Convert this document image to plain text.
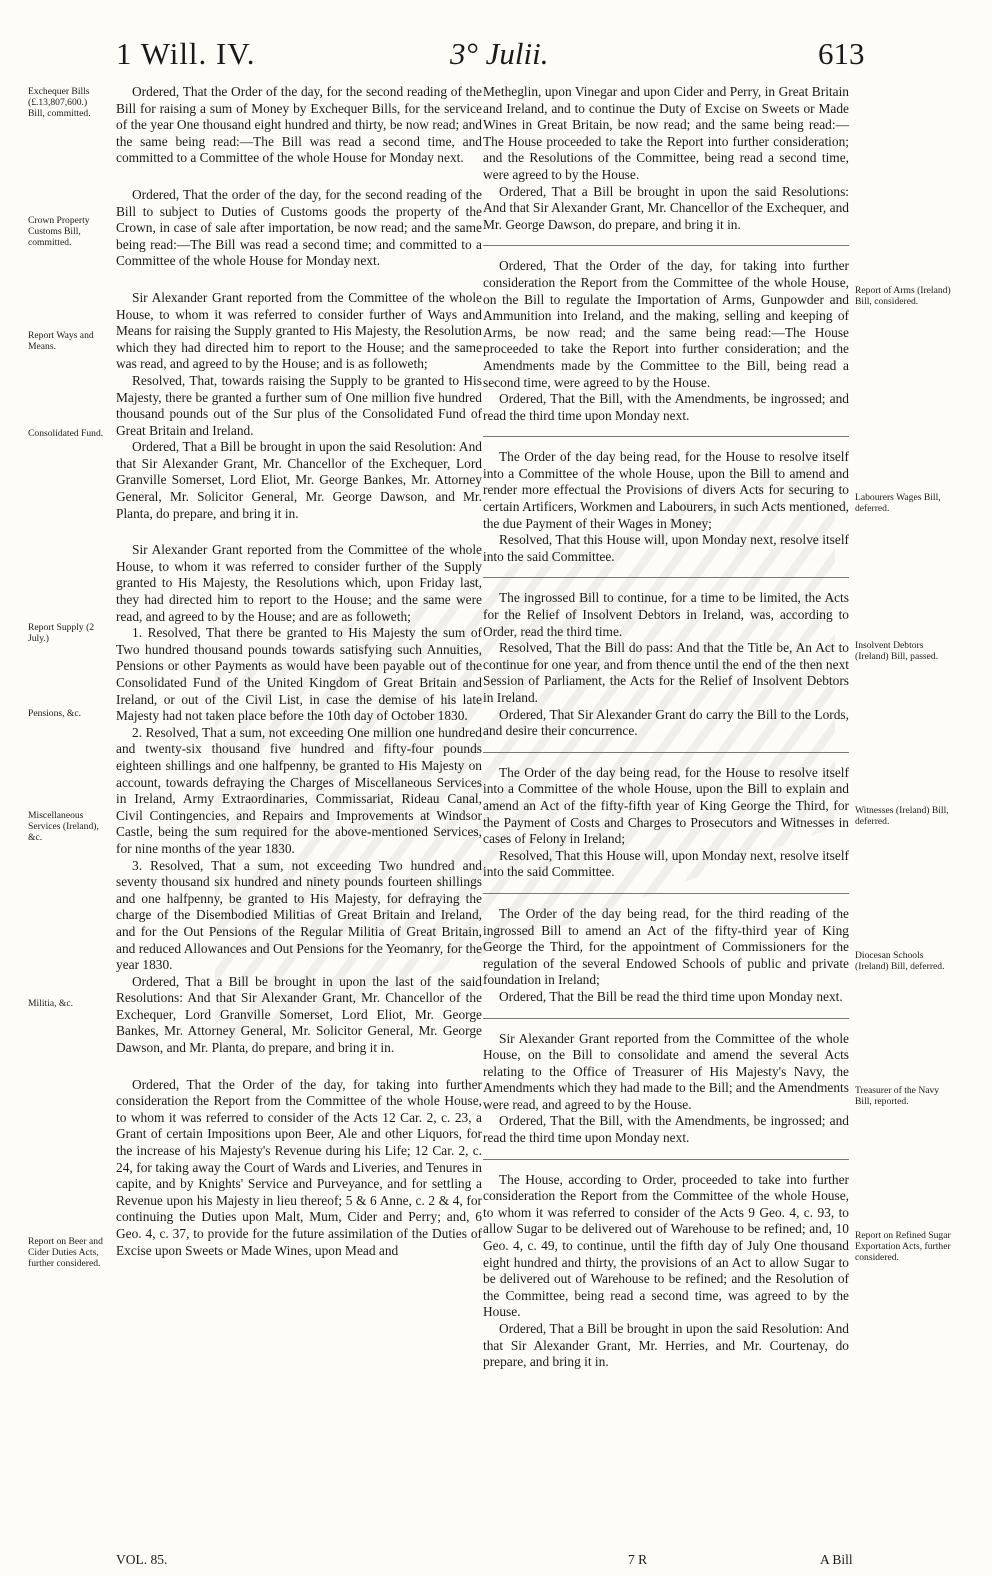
1 Will. IV.	3° Julii.	613

Ordered, That the Order of the day, for the second reading of the Bill for raising a sum of Money by Exchequer Bills, for the service of the year One thousand eight hundred and thirty, be now read; and the same being read:—The Bill was read a second time, and committed to a Committee of the whole House for Monday next.

Ordered, That the order of the day, for the second reading of the Bill to subject to Duties of Customs goods the property of the Crown, in case of sale after importation, be now read; and the same being read:—The Bill was read a second time; and committed to a Committee of the whole House for Monday next.

Sir Alexander Grant reported from the Committee of the whole House, to whom it was referred to consider further of Ways and Means for raising the Supply granted to His Majesty, the Resolution which they had directed him to report to the House; and the same was read, and agreed to by the House; and is as followeth;

Resolved, That, towards raising the Supply to be granted to His Majesty, there be granted a further sum of One million five hundred thousand pounds out of the Sur plus of the Consolidated Fund of Great Britain and Ireland.

Ordered, That a Bill be brought in upon the said Resolution: And that Sir Alexander Grant, Mr. Chancellor of the Exchequer, Lord Granville Somerset, Lord Eliot, Mr. George Bankes, Mr. Attorney General, Mr. Solicitor General, Mr. George Dawson, and Mr. Planta, do prepare, and bring it in.

Sir Alexander Grant reported from the Committee of the whole House, to whom it was referred to consider further of the Supply granted to His Majesty, the Resolutions which, upon Friday last, they had directed him to report to the House; and the same were read, and agreed to by the House; and are as followeth;

1. Resolved, That there be granted to His Majesty the sum of Two hundred thousand pounds towards satisfying such Annuities, Pensions or other Payments as would have been payable out of the Consolidated Fund of the United Kingdom of Great Britain and Ireland, or out of the Civil List, in case the demise of his late Majesty had not taken place before the 10th day of October 1830.

2. Resolved, That a sum, not exceeding One million one hundred and twenty-six thousand five hundred and fifty-four pounds eighteen shillings and one halfpenny, be granted to His Majesty on account, towards defraying the Charges of Miscellaneous Services in Ireland, Army Extraordinaries, Commissariat, Rideau Canal, Civil Contingencies, and Repairs and Improvements at Windsor Castle, being the sum required for the above-mentioned Services, for nine months of the year 1830.

3. Resolved, That a sum, not exceeding Two hundred and seventy thousand six hundred and ninety pounds fourteen shillings and one halfpenny, be granted to His Majesty, for defraying the charge of the Disembodied Militias of Great Britain and Ireland, and for the Out Pensions of the Regular Militia of Great Britain, and reduced Allowances and Out Pensions for the Yeomanry, for the year 1830.

Ordered, That a Bill be brought in upon the last of the said Resolutions: And that Sir Alexander Grant, Mr. Chancellor of the Exchequer, Lord Granville Somerset, Lord Eliot, Mr. George Bankes, Mr. Attorney General, Mr. Solicitor General, Mr. George Dawson, and Mr. Planta, do prepare, and bring it in.

Ordered, That the Order of the day, for taking into further consideration the Report from the Committee of the whole House, to whom it was referred to consider of the Acts 12 Car. 2, c. 23, a Grant of certain Impositions upon Beer, Ale and other Liquors, for the increase of his Majesty's Revenue during his Life; 12 Car. 2, c. 24, for taking away the Court of Wards and Liveries, and Tenures in capite, and by Knights' Service and Purveyance, and for settling a Revenue upon his Majesty in lieu thereof; 5 & 6 Anne, c. 2 & 4, for continuing the Duties upon Malt, Mum, Cider and Perry; and, 6 Geo. 4, c. 37, to provide for the future assimilation of the Duties of Excise upon Sweets or Made Wines, upon Mead and

Metheglin, upon Vinegar and upon Cider and Perry, in Great Britain and Ireland, and to continue the Duty of Excise on Sweets or Made Wines in Great Britain, be now read; and the same being read:—The House proceeded to take the Report into further consideration; and the Resolutions of the Committee, being read a second time, were agreed to by the House.

Ordered, That a Bill be brought in upon the said Resolutions: And that Sir Alexander Grant, Mr. Chancellor of the Exchequer, and Mr. George Dawson, do prepare, and bring it in.

Ordered, That the Order of the day, for taking into further consideration the Report from the Committee of the whole House, on the Bill to regulate the Importation of Arms, Gunpowder and Ammunition into Ireland, and the making, selling and keeping of Arms, be now read; and the same being read:—The House proceeded to take the Report into further consideration; and the Amendments made by the Committee to the Bill, being read a second time, were agreed to by the House.

Ordered, That the Bill, with the Amendments, be ingrossed; and read the third time upon Monday next.

The Order of the day being read, for the House to resolve itself into a Committee of the whole House, upon the Bill to amend and render more effectual the Provisions of divers Acts for securing to certain Artificers, Workmen and Labourers, in such Acts mentioned, the due Payment of their Wages in Money;

Resolved, That this House will, upon Monday next, resolve itself into the said Committee.

The ingrossed Bill to continue, for a time to be limited, the Acts for the Relief of Insolvent Debtors in Ireland, was, according to Order, read the third time.

Resolved, That the Bill do pass: And that the Title be, An Act to continue for one year, and from thence until the end of the then next Session of Parliament, the Acts for the Relief of Insolvent Debtors in Ireland.

Ordered, That Sir Alexander Grant do carry the Bill to the Lords, and desire their concurrence.

The Order of the day being read, for the House to resolve itself into a Committee of the whole House, upon the Bill to explain and amend an Act of the fifty-fifth year of King George the Third, for the Payment of Costs and Charges to Prosecutors and Witnesses in cases of Felony in Ireland;

Resolved, That this House will, upon Monday next, resolve itself into the said Committee.

The Order of the day being read, for the third reading of the ingrossed Bill to amend an Act of the fifty-third year of King George the Third, for the appointment of Commissioners for the regulation of the several Endowed Schools of public and private foundation in Ireland;

Ordered, That the Bill be read the third time upon Monday next.

Sir Alexander Grant reported from the Committee of the whole House, on the Bill to consolidate and amend the several Acts relating to the Office of Treasurer of His Majesty's Navy, the Amendments which they had made to the Bill; and the Amendments were read, and agreed to by the House.

Ordered, That the Bill, with the Amendments, be ingrossed; and read the third time upon Monday next.

The House, according to Order, proceeded to take into further consideration the Report from the Committee of the whole House, to whom it was referred to consider of the Acts 9 Geo. 4, c. 93, to allow Sugar to be delivered out of Warehouse to be refined; and, 10 Geo. 4, c. 49, to continue, until the fifth day of July One thousand eight hundred and thirty, the provisions of an Act to allow Sugar to be delivered out of Warehouse to be refined; and the Resolution of the Committee, being read a second time, was agreed to by the House.

Ordered, That a Bill be brought in upon the said Resolution: And that Sir Alexander Grant, Mr. Herries, and Mr. Courtenay, do prepare, and bring it in.

Exchequer Bills (£.13,807,600.) Bill, committed.
Crown Property Customs Bill, committed.
Report Ways and Means.
Consolidated Fund.
Report Supply (2 July.)
Pensions, &c.
Miscellaneous Services (Ireland), &c.
Militia, &c.
Report on Beer and Cider Duties Acts, further considered.
Report of Arms (Ireland) Bill, considered.
Labourers Wages Bill, deferred.
Insolvent Debtors (Ireland) Bill, passed.
Witnesses (Ireland) Bill, deferred.
Diocesan Schools (Ireland) Bill, deferred.
Treasurer of the Navy Bill, reported.
Report on Refined Sugar Exportation Acts, further considered.
VOL. 85.	7 R	A Bill
